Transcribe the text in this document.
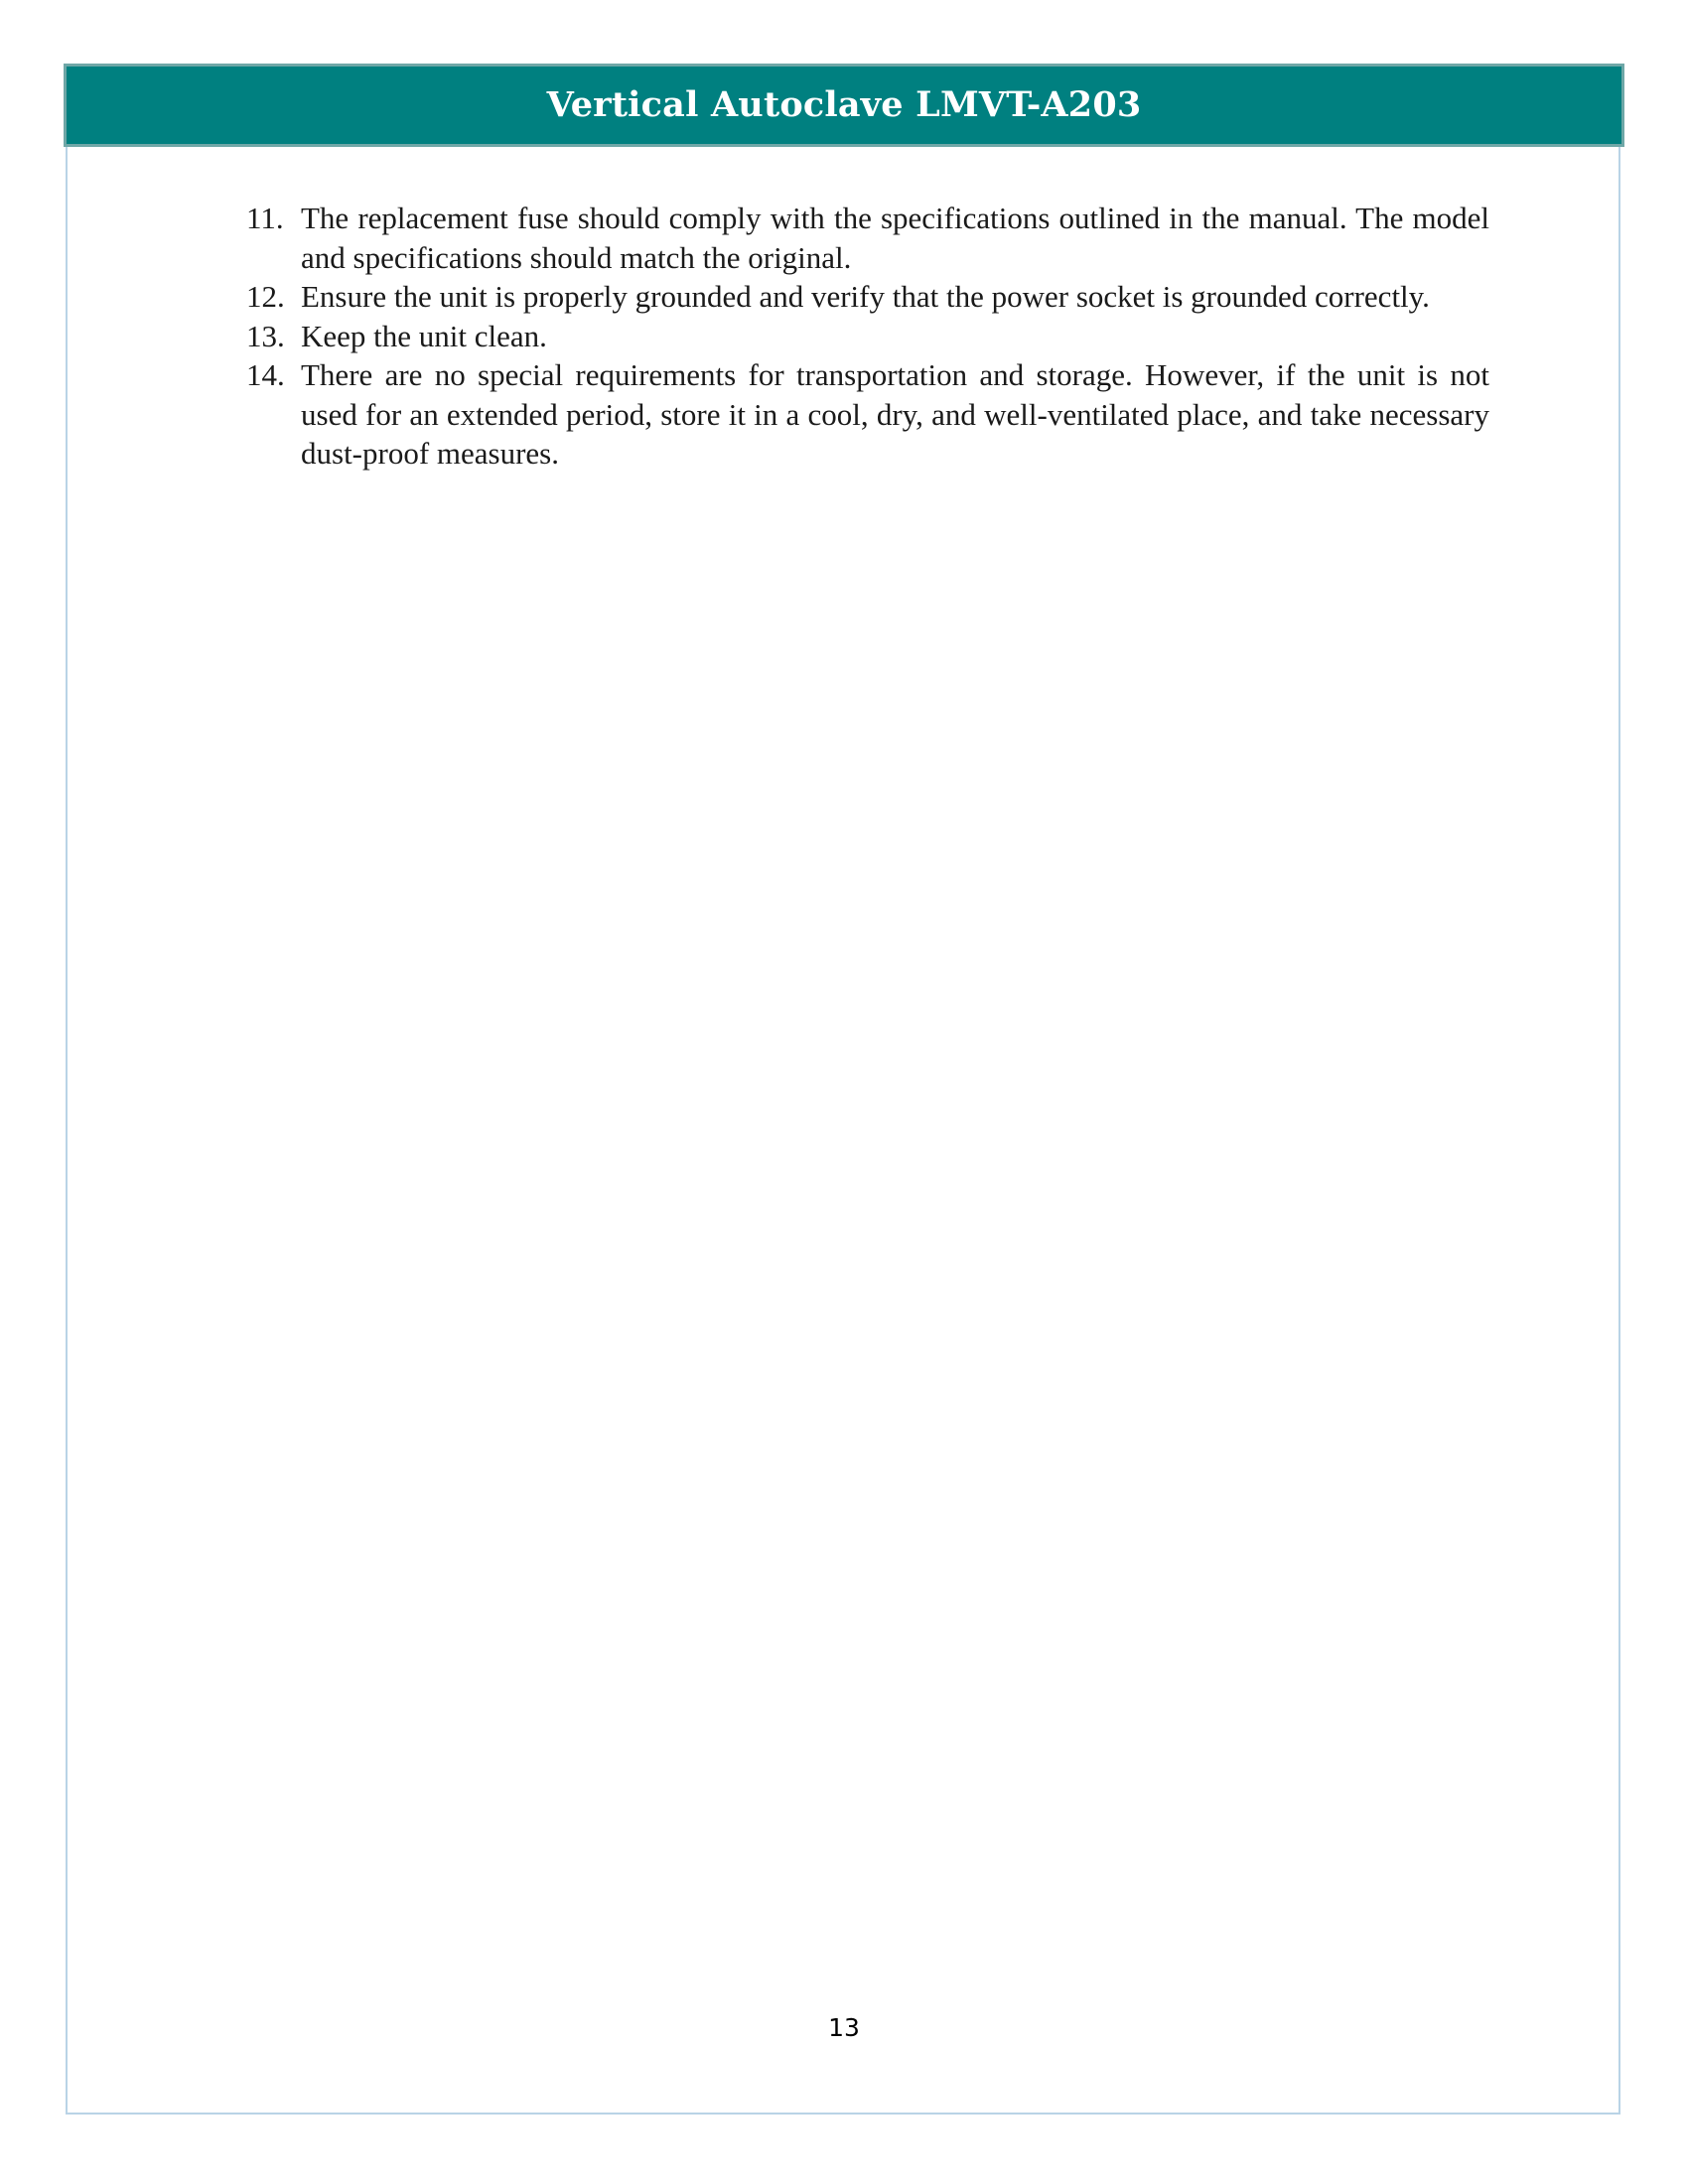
Vertical Autoclave LMVT-A203
11. The replacement fuse should comply with the specifications outlined in the manual. The model and specifications should match the original.
12. Ensure the unit is properly grounded and verify that the power socket is grounded correctly.
13. Keep the unit clean.
14. There are no special requirements for transportation and storage. However, if the unit is not used for an extended period, store it in a cool, dry, and well-ventilated place, and take necessary dust-proof measures.
13
